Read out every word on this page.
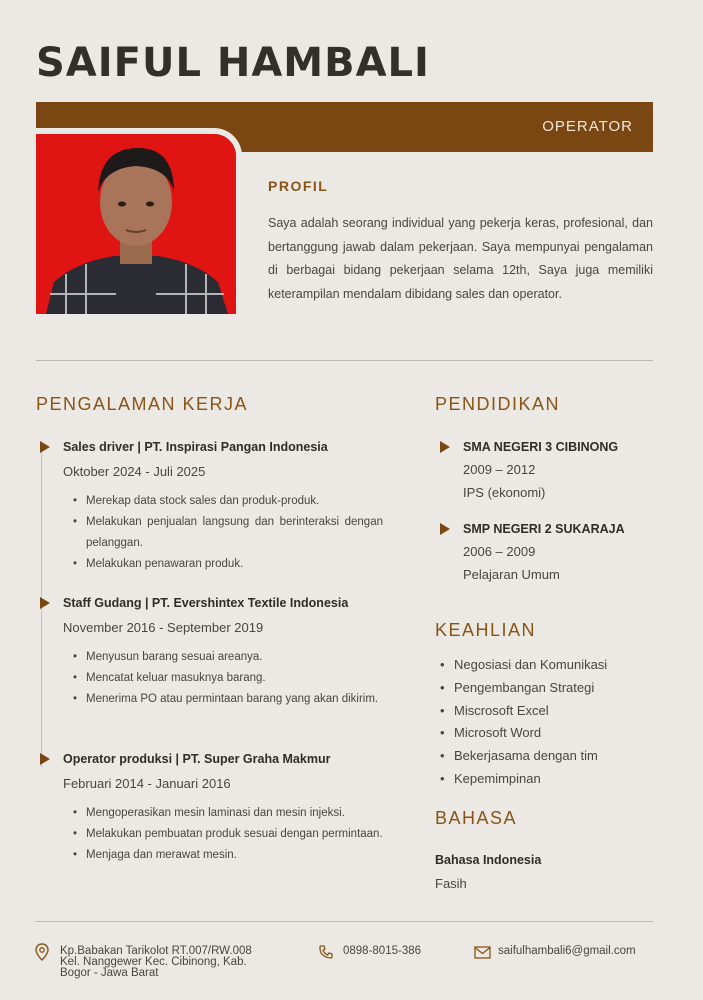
SAIFUL HAMBALI
OPERATOR
PROFIL
Saya adalah seorang individual yang pekerja keras, profesional, dan bertanggung jawab dalam pekerjaan. Saya mempunyai pengalaman di berbagai bidang pekerjaan selama 12th, Saya juga memiliki keterampilan mendalam dibidang sales dan operator.
PENGALAMAN KERJA
Sales driver | PT. Inspirasi Pangan Indonesia
Oktober 2024 - Juli 2025
• Merekap data stock sales dan produk-produk.
• Melakukan penjualan langsung dan berinteraksi dengan pelanggan.
• Melakukan penawaran produk.
Staff Gudang | PT. Evershintex Textile Indonesia
November 2016 - September 2019
• Menyusun barang sesuai areanya.
• Mencatat keluar masuknya barang.
• Menerima PO atau permintaan barang yang akan dikirim.
Operator produksi | PT. Super Graha Makmur
Februari 2014 - Januari 2016
• Mengoperasikan mesin laminasi dan mesin injeksi.
• Melakukan pembuatan produk sesuai dengan permintaan.
• Menjaga dan merawat mesin.
PENDIDIKAN
SMA NEGERI 3 CIBINONG
2009 – 2012
IPS (ekonomi)
SMP NEGERI 2 SUKARAJA
2006 – 2009
Pelajaran Umum
KEAHLIAN
• Negosiasi dan Komunikasi
• Pengembangan Strategi
• Miscrosoft Excel
• Microsoft Word
• Bekerjasama dengan tim
• Kepemimpinan
BAHASA
Bahasa Indonesia
Fasih
Kp.Babakan Tarikolot RT.007/RW.008
Kel. Nanggewer Kec. Cibinong, Kab.
Bogor - Jawa Barat
0898-8015-386	saifulhambali6@gmail.com
